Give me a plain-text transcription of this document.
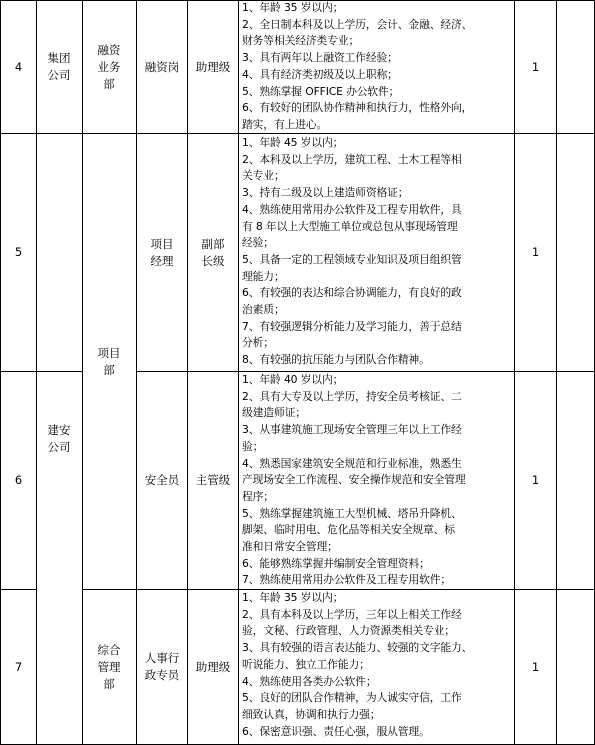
4
集团公司
融资业务部
融资岗 助理级
1、年龄 35 岁以内；
2、全日制本科及以上学历，会计、金融、经济、
财务等相关经济类专业；
3、具有两年以上融资工作经验；
4、具有经济类初级及以上职称；
5、熟练掌握 OFFICE 办公软件；
6、有较好的团队协作精神和执行力，性格外向，
踏实，有上进心。
1
5
建安公司
项目部
项目经理
副部长级
1、年龄 45 岁以内；
2、本科及以上学历，建筑工程、土木工程等相
关专业；
3、持有二级及以上建造师资格证；
4、熟练使用常用办公软件及工程专用软件，具
有 8 年以上大型施工单位或总包从事现场管理
经验；
5、具备一定的工程领域专业知识及项目组织管
理能力；
6、有较强的表达和综合协调能力，有良好的政
治素质；
7、有较强逻辑分析能力及学习能力，善于总结
分析；
8、有较强的抗压能力与团队合作精神。
1
6	安全员 主管级
1、年龄 40 岁以内；
2、具有大专及以上学历，持安全员考核证、二
级建造师证；
3、从事建筑施工现场安全管理三年以上工作经
验；
4、熟悉国家建筑安全规范和行业标准，熟悉生
产现场安全工作流程、安全操作规范和安全管理
程序；
5、熟练掌握建筑施工大型机械、塔吊升降机、
脚架、临时用电、危化品等相关安全规章、标
准和日常安全管理；
6、能够熟练掌握并编制安全管理资料；
7、熟练使用常用办公软件及工程专用软件；
1
7
综合管理部
人事行政专员
助理级
1、年龄 35 岁以内；
2、具有本科及以上学历，三年以上相关工作经
验，文秘、行政管理、人力资源类相关专业；
3、具有较强的语言表达能力、较强的文字能力、
听说能力、独立工作能力；
4、熟练使用各类办公软件；
5、良好的团队合作精神，为人诚实守信，工作
细致认真，协调和执行力强；
6、保密意识强、责任心强，服从管理。
1
